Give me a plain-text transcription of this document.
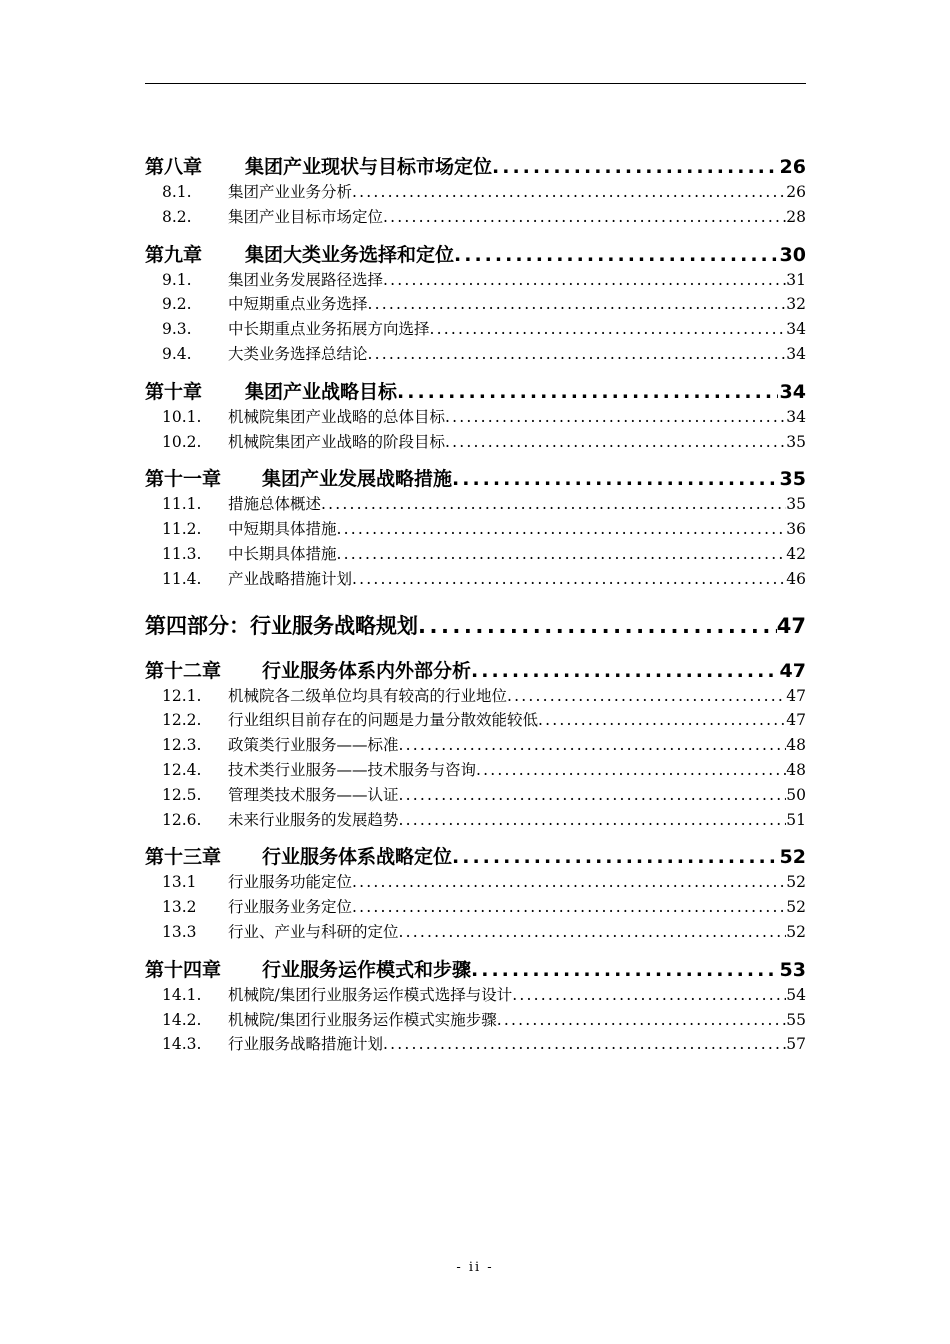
第八章	集团产业现状与目标市场定位 .....	26
8.1.	集团产业业务分析 .....	26
8.2.	集团产业目标市场定位 .....	28
第九章	集团大类业务选择和定位 .....	30
9.1.	集团业务发展路径选择 .....	31
9.2.	中短期重点业务选择 .....	32
9.3.	中长期重点业务拓展方向选择 .....	34
9.4.	大类业务选择总结论 .....	34
第十章	集团产业战略目标 .....	34
10.1.	机械院集团产业战略的总体目标 .....	34
10.2.	机械院集团产业战略的阶段目标 .....	35
第十一章	集团产业发展战略措施 .....	35
11.1.	措施总体概述 .....	35
11.2.	中短期具体措施 .....	36
11.3.	中长期具体措施 .....	42
11.4.	产业战略措施计划 .....	46
第四部分：行业服务战略规划 .....	47
第十二章	行业服务体系内外部分析 .....	47
12.1.	机械院各二级单位均具有较高的行业地位 .....	47
12.2.	行业组织目前存在的问题是力量分散效能较低 .....	47
12.3.	政策类行业服务——标准 .....	48
12.4.	技术类行业服务——技术服务与咨询 .....	48
12.5.	管理类技术服务——认证 .....	50
12.6.	未来行业服务的发展趋势 .....	51
第十三章	行业服务体系战略定位 .....	52
13.1	行业服务功能定位 .....	52
13.2	行业服务业务定位 .....	52
13.3	行业、产业与科研的定位 .....	52
第十四章	行业服务运作模式和步骤 .....	53
14.1.	机械院/集团行业服务运作模式选择与设计 .....	54
14.2.	机械院/集团行业服务运作模式实施步骤 .....	55
14.3.	行业服务战略措施计划 .....	57
- ii -
